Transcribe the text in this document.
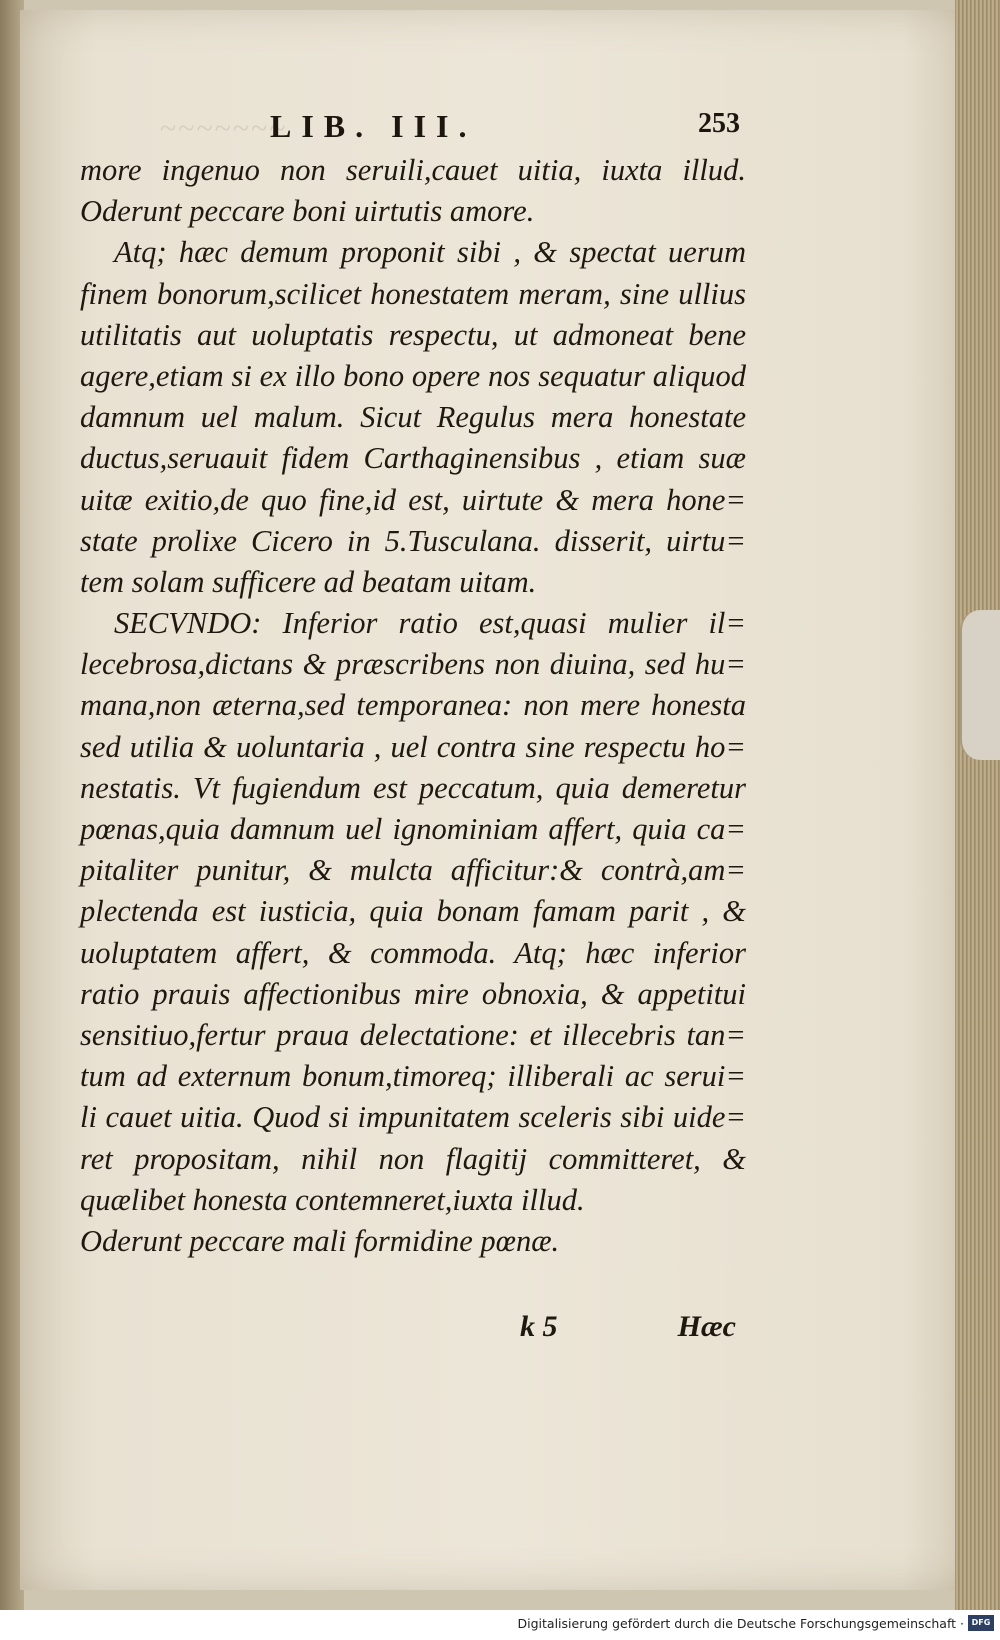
~~~~~~~
LIB. III.	253
more ingenuo non seruili,cauet uitia, iuxta illud.
Oderunt peccare boni uirtutis amore.
Atq; hæc demum proponit sibi , & spectat uerum
finem bonorum,scilicet honestatem meram, sine ullius
utilitatis aut uoluptatis respectu, ut admoneat bene
agere,etiam si ex illo bono opere nos sequatur aliquod
damnum uel malum. Sicut Regulus mera honestate
ductus,seruauit fidem Carthaginensibus , etiam suæ
uitæ exitio,de quo fine,id est, uirtute & mera hone=
state prolixe Cicero in 5.Tusculana. disserit, uirtu=
tem solam sufficere ad beatam uitam.
SECVNDO: Inferior ratio est,quasi mulier il=
lecebrosa,dictans & præscribens non diuina, sed hu=
mana,non æterna,sed temporanea: non mere honesta
sed utilia & uoluntaria , uel contra sine respectu ho=
nestatis. Vt fugiendum est peccatum, quia demeretur
pœnas,quia damnum uel ignominiam affert, quia ca=
pitaliter punitur, & mulcta afficitur:& contrà,am=
plectenda est iusticia, quia bonam famam parit , &
uoluptatem affert, & commoda. Atq; hæc inferior
ratio prauis affectionibus mire obnoxia, & appetitui
sensitiuo,fertur praua delectatione: et illecebris tan=
tum ad externum bonum,timoreq; illiberali ac serui=
li cauet uitia. Quod si impunitatem sceleris sibi uide=
ret propositam, nihil non flagitij committeret, &
quælibet honesta contemneret,iuxta illud.
Oderunt peccare mali formidine pœnæ.
k 5	Hæc
Digitalisierung gefördert durch die Deutsche Forschungsgemeinschaft · DFG
